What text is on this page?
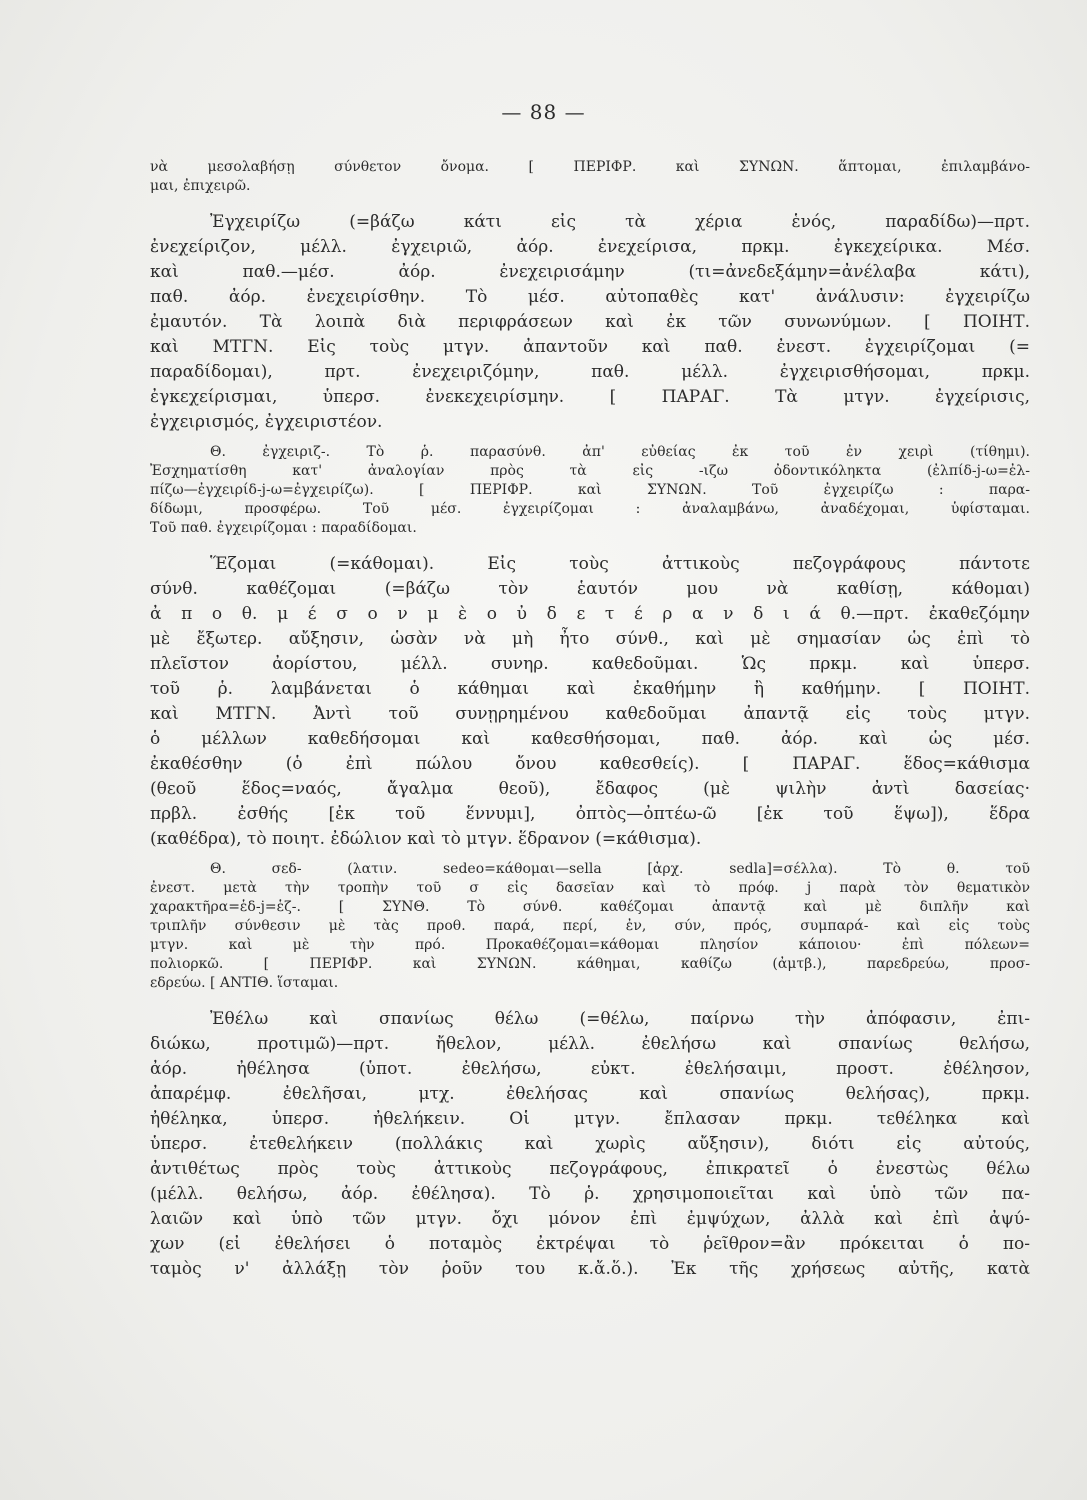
— 88 —
νὰ μεσολαβήσῃ σύνθετον ὄνομα. [ ΠΕΡΙΦΡ. καὶ ΣΥΝΩΝ. ἅπτομαι, ἐπιλαμβάνο-
μαι, ἐπιχειρῶ.
Ἐγχειρίζω (=βάζω κάτι εἰς τὰ χέρια ἑνός, παραδίδω)—πρτ.
ἐνεχείριζον, μέλλ. ἐγχειριῶ, ἀόρ. ἐνεχείρισα, πρκμ. ἐγκεχείρικα. Μέσ.
καὶ παθ.—μέσ. ἀόρ. ἐνεχειρισάμην (τι=ἀνεδεξάμην=ἀνέλαβα κάτι),
παθ. ἀόρ. ἐνεχειρίσθην. Τὸ μέσ. αὐτοπαθὲς κατ' ἀνάλυσιν: ἐγχειρίζω
ἐμαυτόν. Τὰ λοιπὰ διὰ περιφράσεων καὶ ἐκ τῶν συνωνύμων. [ ΠΟΙΗΤ.
καὶ ΜΤΓΝ. Εἰς τοὺς μτγν. ἀπαντοῦν καὶ παθ. ἐνεστ. ἐγχειρίζομαι (=
παραδίδομαι), πρτ. ἐνεχειριζόμην, παθ. μέλλ. ἐγχειρισθήσομαι, πρκμ.
ἐγκεχείρισμαι, ὑπερσ. ἐνεκεχειρίσμην. [ ΠΑΡΑΓ. Τὰ μτγν. ἐγχείρισις,
ἐγχειρισμός, ἐγχειριστέον.
Θ. ἐγχειριζ-. Τὸ ῥ. παρασύνθ. ἀπ' εὐθείας ἐκ τοῦ ἐν χειρὶ (τίθημι).
Ἐσχηματίσθη κατ' ἀναλογίαν πρὸς τὰ εἰς -ιζω ὀδοντικόληκτα (ἐλπίδ-j-ω=ἐλ-
πίζω—ἐγχειρίδ-j-ω=ἐγχειρίζω). [ ΠΕΡΙΦΡ. καὶ ΣΥΝΩΝ. Τοῦ ἐγχειρίζω : παρα-
δίδωμι, προσφέρω. Τοῦ μέσ. ἐγχειρίζομαι : ἀναλαμβάνω, ἀναδέχομαι, ὑφίσταμαι.
Τοῦ παθ. ἐγχειρίζομαι : παραδίδομαι.
Ἕζομαι (=κάθομαι). Εἰς τοὺς ἀττικοὺς πεζογράφους πάντοτε
σύνθ. καθέζομαι (=βάζω τὸν ἑαυτόν μου νὰ καθίσῃ, κάθομαι)
ἀ π ο θ. μ έ σ ο ν μ ὲ ο ὐ δ ε τ έ ρ α ν δ ι ά θ.—πρτ. ἐκαθεζόμην
μὲ ἔξωτερ. αὔξησιν, ὡσὰν νὰ μὴ ἦτο σύνθ., καὶ μὲ σημασίαν ὡς ἐπὶ τὸ
πλεῖστον ἀορίστου, μέλλ. συνηρ. καθεδοῦμαι. Ὡς πρκμ. καὶ ὑπερσ.
τοῦ ῥ. λαμβάνεται ὁ κάθημαι καὶ ἐκαθήμην ἢ καθήμην. [ ΠΟΙΗΤ.
καὶ ΜΤΓΝ. Ἀντὶ τοῦ συνῃρημένου καθεδοῦμαι ἀπαντᾷ εἰς τοὺς μτγν.
ὁ μέλλων καθεδήσομαι καὶ καθεσθήσομαι, παθ. ἀόρ. καὶ ὡς μέσ.
ἐκαθέσθην (ὁ ἐπὶ πώλου ὄνου καθεσθείς). [ ΠΑΡΑΓ. ἕδος=κάθισμα
(θεοῦ ἕδος=ναός, ἄγαλμα θεοῦ), ἔδαφος (μὲ ψιλὴν ἀντὶ δασείας·
πρβλ. ἐσθής [ἐκ τοῦ ἕννυμι], ὀπτὸς—ὀπτέω-ῶ [ἐκ τοῦ ἕψω]), ἕδρα
(καθέδρα), τὸ ποιητ. ἐδώλιον καὶ τὸ μτγν. ἕδρανον (=κάθισμα).
Θ. σεδ- (λατιν. sedeo=κάθομαι—sella [ἀρχ. sedla]=σέλλα). Τὸ θ. τοῦ
ἐνεστ. μετὰ τὴν τροπὴν τοῦ σ εἰς δασεῖαν καὶ τὸ πρόφ. j παρὰ τὸν θεματικὸν
χαρακτῆρα=ἑδ-j=ἑζ-. [ ΣΥΝΘ. Τὸ σύνθ. καθέζομαι ἀπαντᾷ καὶ μὲ διπλῆν καὶ
τριπλῆν σύνθεσιν μὲ τὰς προθ. παρά, περί, ἐν, σύν, πρός, συμπαρά- καὶ εἰς τοὺς
μτγν. καὶ μὲ τὴν πρό. Προκαθέζομαι=κάθομαι πλησίον κάποιου· ἐπὶ πόλεων=
πολιορκῶ. [ ΠΕΡΙΦΡ. καὶ ΣΥΝΩΝ. κάθημαι, καθίζω (ἀμτβ.), παρεδρεύω, προσ-
εδρεύω. [ ΑΝΤΙΘ. ἵσταμαι.
Ἐθέλω καὶ σπανίως θέλω (=θέλω, παίρνω τὴν ἀπόφασιν, ἐπι-
διώκω, προτιμῶ)—πρτ. ἤθελον, μέλλ. ἐθελήσω καὶ σπανίως θελήσω,
ἀόρ. ἠθέλησα (ὑποτ. ἐθελήσω, εὐκτ. ἐθελήσαιμι, προστ. ἐθέλησον,
ἀπαρέμφ. ἐθελῆσαι, μτχ. ἐθελήσας καὶ σπανίως θελήσας), πρκμ.
ἠθέληκα, ὑπερσ. ἠθελήκειν. Οἱ μτγν. ἔπλασαν πρκμ. τεθέληκα καὶ
ὑπερσ. ἐτεθελήκειν (πολλάκις καὶ χωρὶς αὔξησιν), διότι εἰς αὐτούς,
ἀντιθέτως πρὸς τοὺς ἀττικοὺς πεζογράφους, ἐπικρατεῖ ὁ ἐνεστὼς θέλω
(μέλλ. θελήσω, ἀόρ. ἐθέλησα). Τὸ ῥ. χρησιμοποιεῖται καὶ ὑπὸ τῶν πα-
λαιῶν καὶ ὑπὸ τῶν μτγν. ὄχι μόνον ἐπὶ ἐμψύχων, ἀλλὰ καὶ ἐπὶ ἀψύ-
χων (εἰ ἐθελήσει ὁ ποταμὸς ἐκτρέψαι τὸ ῥεῖθρον=ἂν πρόκειται ὁ πο-
ταμὸς ν' ἀλλάξῃ τὸν ῥοῦν του κ.ἄ.ὅ.). Ἐκ τῆς χρήσεως αὐτῆς, κατὰ
